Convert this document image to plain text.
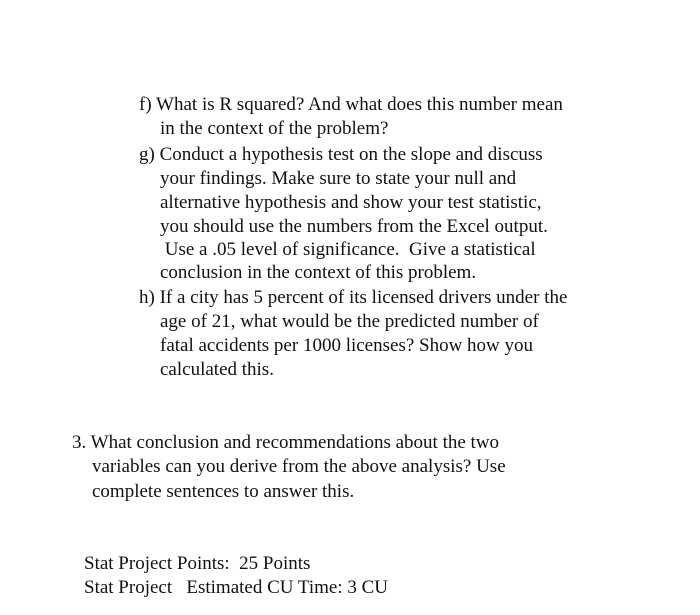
f) What is R squared? And what does this number mean
in the context of the problem?
g) Conduct a hypothesis test on the slope and discuss
your findings. Make sure to state your null and
alternative hypothesis and show your test statistic,
you should use the numbers from the Excel output.
Use a .05 level of significance.  Give a statistical
conclusion in the context of this problem.
h) If a city has 5 percent of its licensed drivers under the
age of 21, what would be the predicted number of
fatal accidents per 1000 licenses? Show how you
calculated this.
3. What conclusion and recommendations about the two
variables can you derive from the above analysis? Use
complete sentences to answer this.
Stat Project Points:  25 Points
Stat Project   Estimated CU Time: 3 CU
